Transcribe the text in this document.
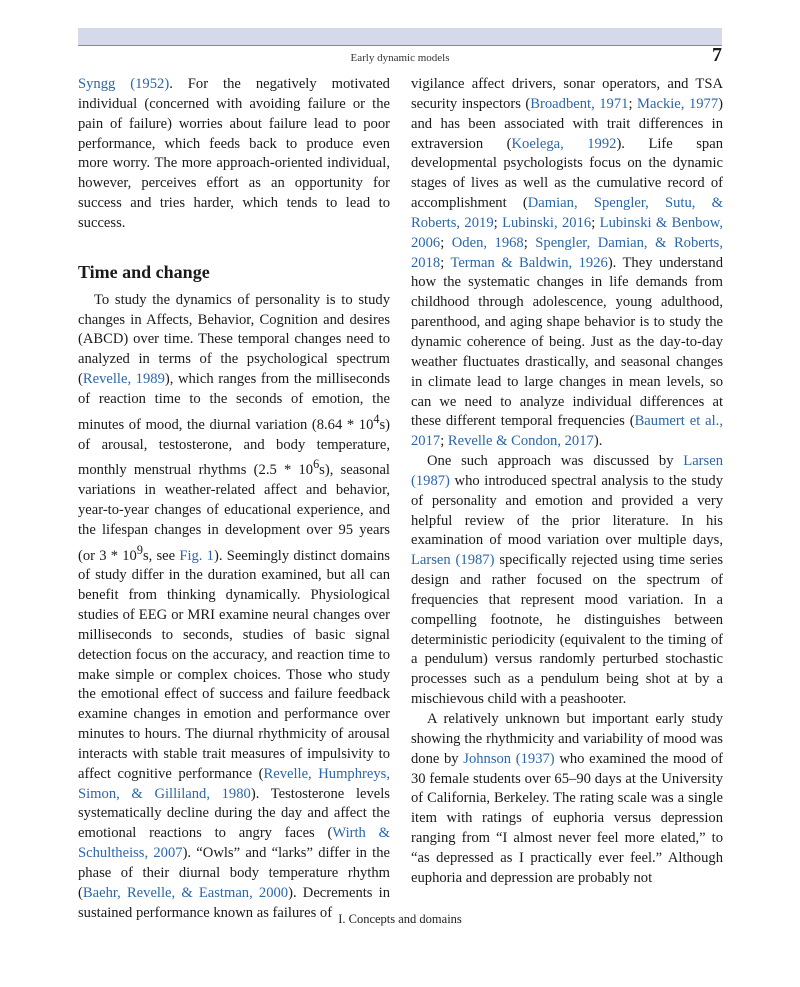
Early dynamic models	7

Syngg (1952). For the negatively motivated individual (concerned with avoiding failure or the pain of failure) worries about failure lead to poor performance, which feeds back to produce even more worry. The more approach-oriented individual, however, perceives effort as an opportunity for success and tries harder, which tends to lead to success.

Time and change

To study the dynamics of personality is to study changes in Affects, Behavior, Cognition and desires (ABCD) over time. These temporal changes need to analyzed in terms of the psychological spectrum (Revelle, 1989), which ranges from the milliseconds of reaction time to the seconds of emotion, the minutes of mood, the diurnal variation $(8.64 * 10^4s)$ of arousal, testosterone, and body temperature, monthly menstrual rhythms $(2.5 * 10^6s)$, seasonal variations in weather-related affect and behavior, year-to-year changes of educational experience, and the lifespan changes in development over 95 years (or $3 * 10^9s$, see Fig. 1). Seemingly distinct domains of study differ in the duration examined, but all can benefit from thinking dynamically. Physiological studies of EEG or MRI examine neural changes over milliseconds to seconds, studies of basic signal detection focus on the accuracy, and reaction time to make simple or complex choices. Those who study the emotional effect of success and failure feedback examine changes in emotion and performance over minutes to hours. The diurnal rhythmicity of arousal interacts with stable trait measures of impulsivity to affect cognitive performance (Revelle, Humphreys, Simon, & Gilliland, 1980). Testosterone levels systematically decline during the day and affect the emotional reactions to angry faces (Wirth & Schultheiss, 2007). “Owls” and “larks” differ in the phase of their diurnal body temperature rhythm (Baehr, Revelle, & Eastman, 2000). Decrements in sustained performance known as failures of

vigilance affect drivers, sonar operators, and TSA security inspectors (Broadbent, 1971; Mackie, 1977) and has been associated with trait differences in extraversion (Koelega, 1992). Life span developmental psychologists focus on the dynamic stages of lives as well as the cumulative record of accomplishment (Damian, Spengler, Sutu, & Roberts, 2019; Lubinski, 2016; Lubinski & Benbow, 2006; Oden, 1968; Spengler, Damian, & Roberts, 2018; Terman & Baldwin, 1926). They understand how the systematic changes in life demands from childhood through adolescence, young adulthood, parenthood, and aging shape behavior is to study the dynamic coherence of being. Just as the day-to-day weather fluctuates drastically, and seasonal changes in climate lead to large changes in mean levels, so can we need to analyze individual differences at these different temporal frequencies (Baumert et al., 2017; Revelle & Condon, 2017).

One such approach was discussed by Larsen (1987) who introduced spectral analysis to the study of personality and emotion and provided a very helpful review of the prior literature. In his examination of mood variation over multiple days, Larsen (1987) specifically rejected using time series design and rather focused on the spectrum of frequencies that represent mood variation. In a compelling footnote, he distinguishes between deterministic periodicity (equivalent to the timing of a pendulum) versus randomly perturbed stochastic processes such as a pendulum being shot at by a mischievous child with a peashooter.

A relatively unknown but important early study showing the rhythmicity and variability of mood was done by Johnson (1937) who examined the mood of 30 female students over 65–90 days at the University of California, Berkeley. The rating scale was a single item with ratings of euphoria versus depression ranging from “I almost never feel more elated,” to “as depressed as I practically ever feel.” Although euphoria and depression are probably not

I. Concepts and domains
